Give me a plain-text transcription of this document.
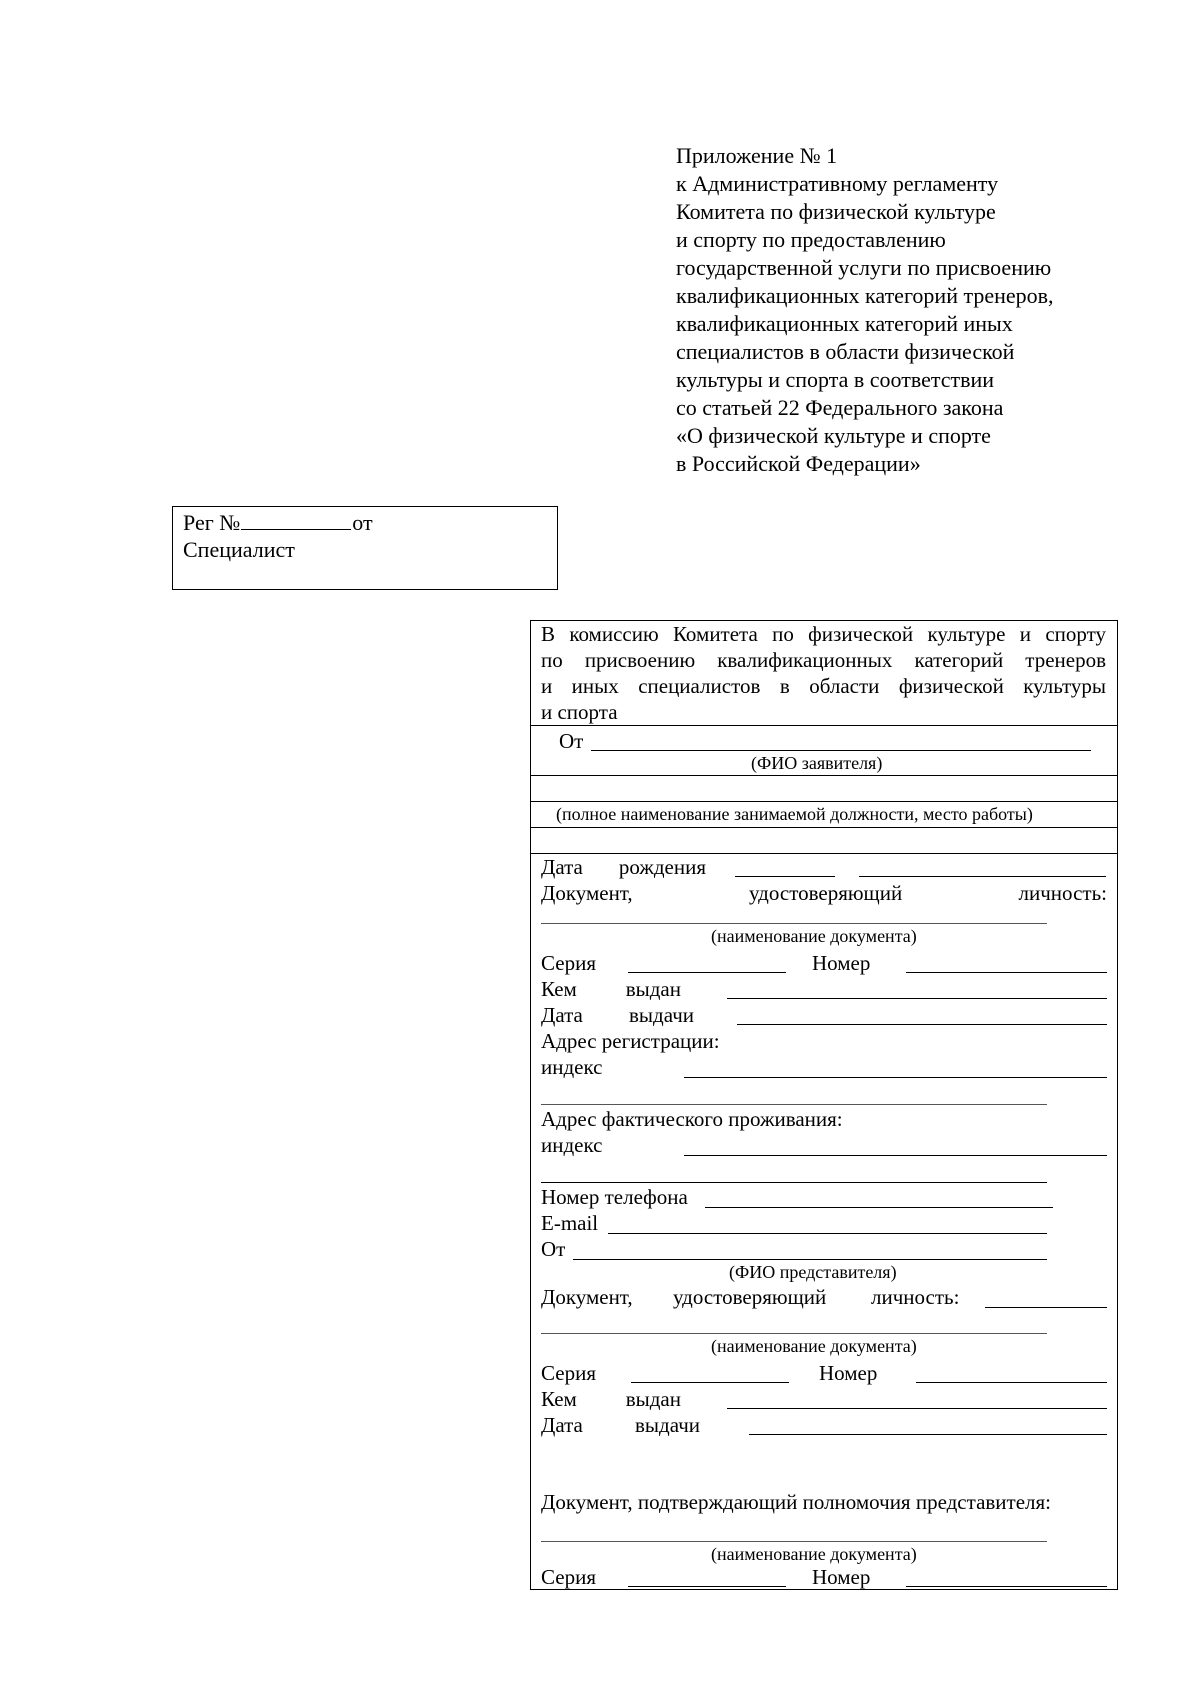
Приложение № 1
к Административному регламенту
Комитета по физической культуре
и спорту по предоставлению
государственной услуги по присвоению
квалификационных категорий тренеров,
квалификационных категорий иных
специалистов в области физической
культуры и спорта в соответствии
со статьей 22 Федерального закона
«О физической культуре и спорте
в Российской Федерации»
Рег №	от
Специалист
В комиссию Комитета по физической культуре и спорту
по присвоению квалификационных категорий тренеров
и иных специалистов в области физической культуры
и спорта
От
(ФИО заявителя)
(полное наименование занимаемой должности, место работы)
Дата рождения
Документ,	удостоверяющий	личность:
(наименование документа)
Серия	Номер
Кем выдан
Дата выдачи
Адрес регистрации:
индекс
Адрес фактического проживания:
индекс
Номер телефона
E-mail
От
(ФИО представителя)
Документ, удостоверяющий личность:
(наименование документа)
Серия	Номер
Кем выдан
Дата выдачи
Документ, подтверждающий полномочия представителя:
(наименование документа)
Серия	Номер
